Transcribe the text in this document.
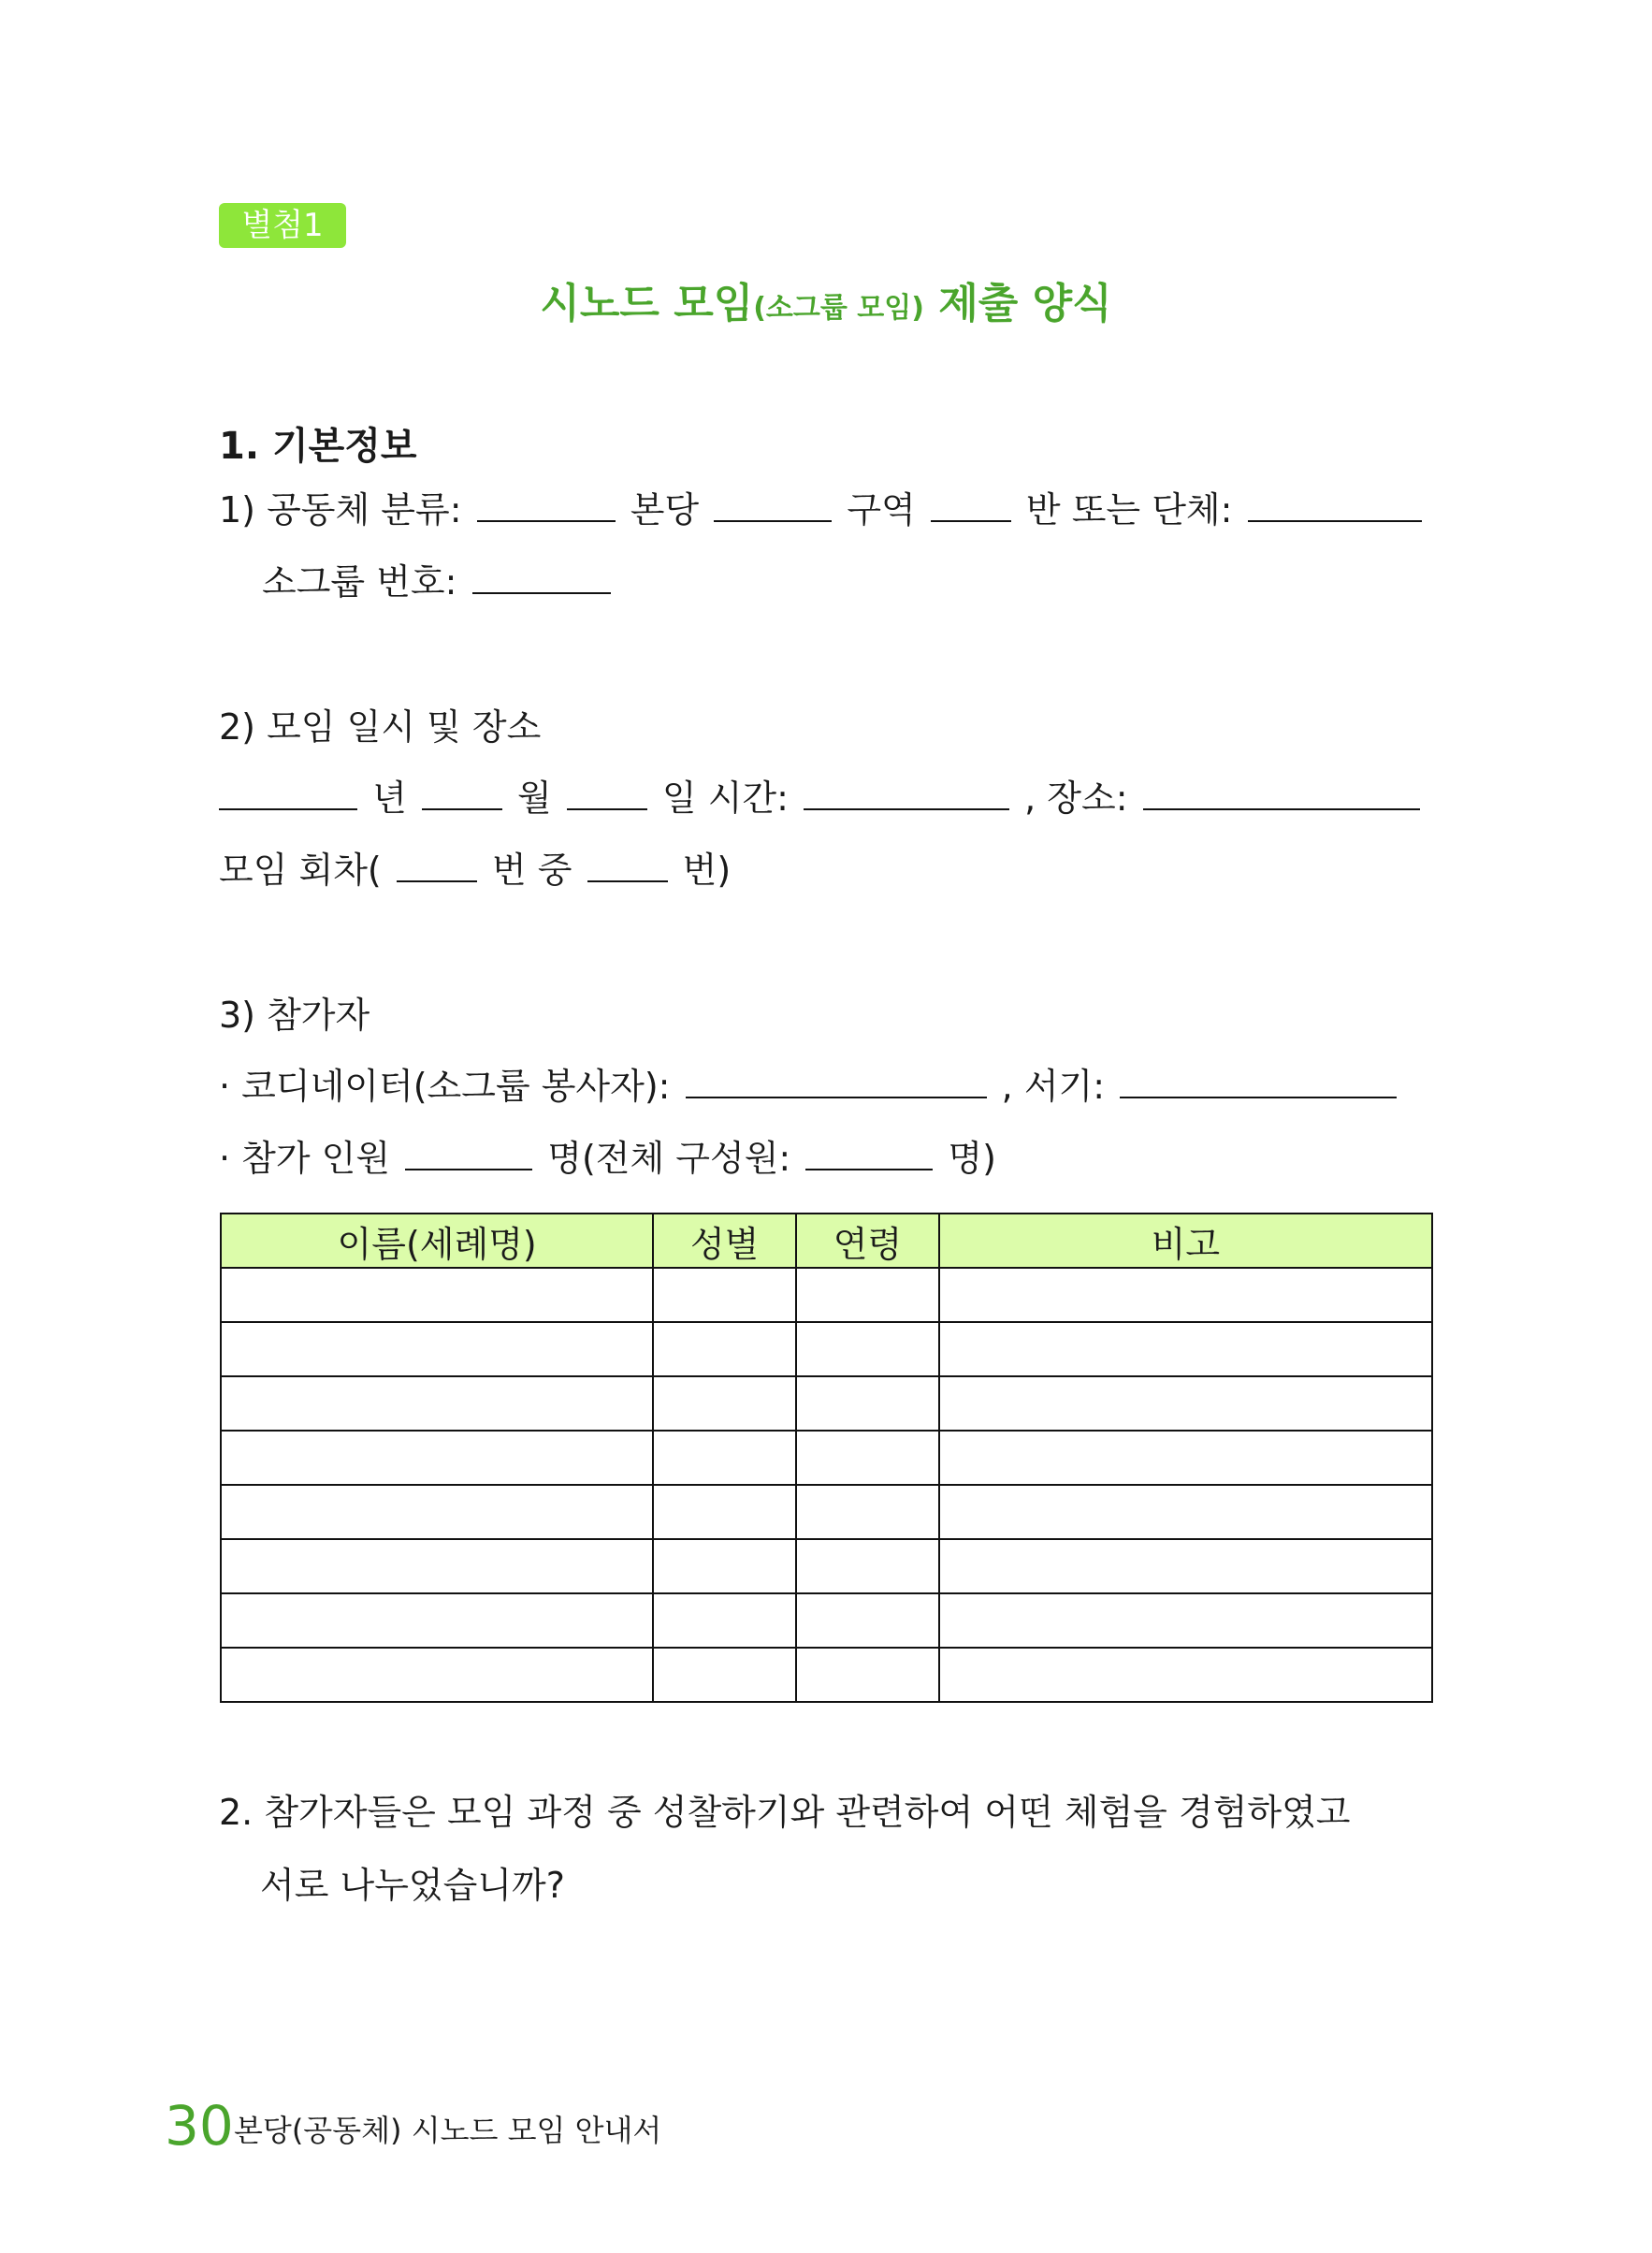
별첨1
시노드 모임(소그룹 모임) 제출 양식
1. 기본정보
1) 공동체 분류:	본당	구역	반 또는 단체:
소그룹 번호:
2) 모임 일시 및 장소
년	월	일 시간:	, 장소:
모임 회차(	번 중	번)
3) 참가자
· 코디네이터(소그룹 봉사자):	, 서기:
· 참가 인원	명(전체 구성원:	명)
이름(세례명)	성별	연령	비고

2. 참가자들은 모임 과정 중 성찰하기와 관련하여 어떤 체험을 경험하였고
서로 나누었습니까?
30 본당(공동체) 시노드 모임 안내서
